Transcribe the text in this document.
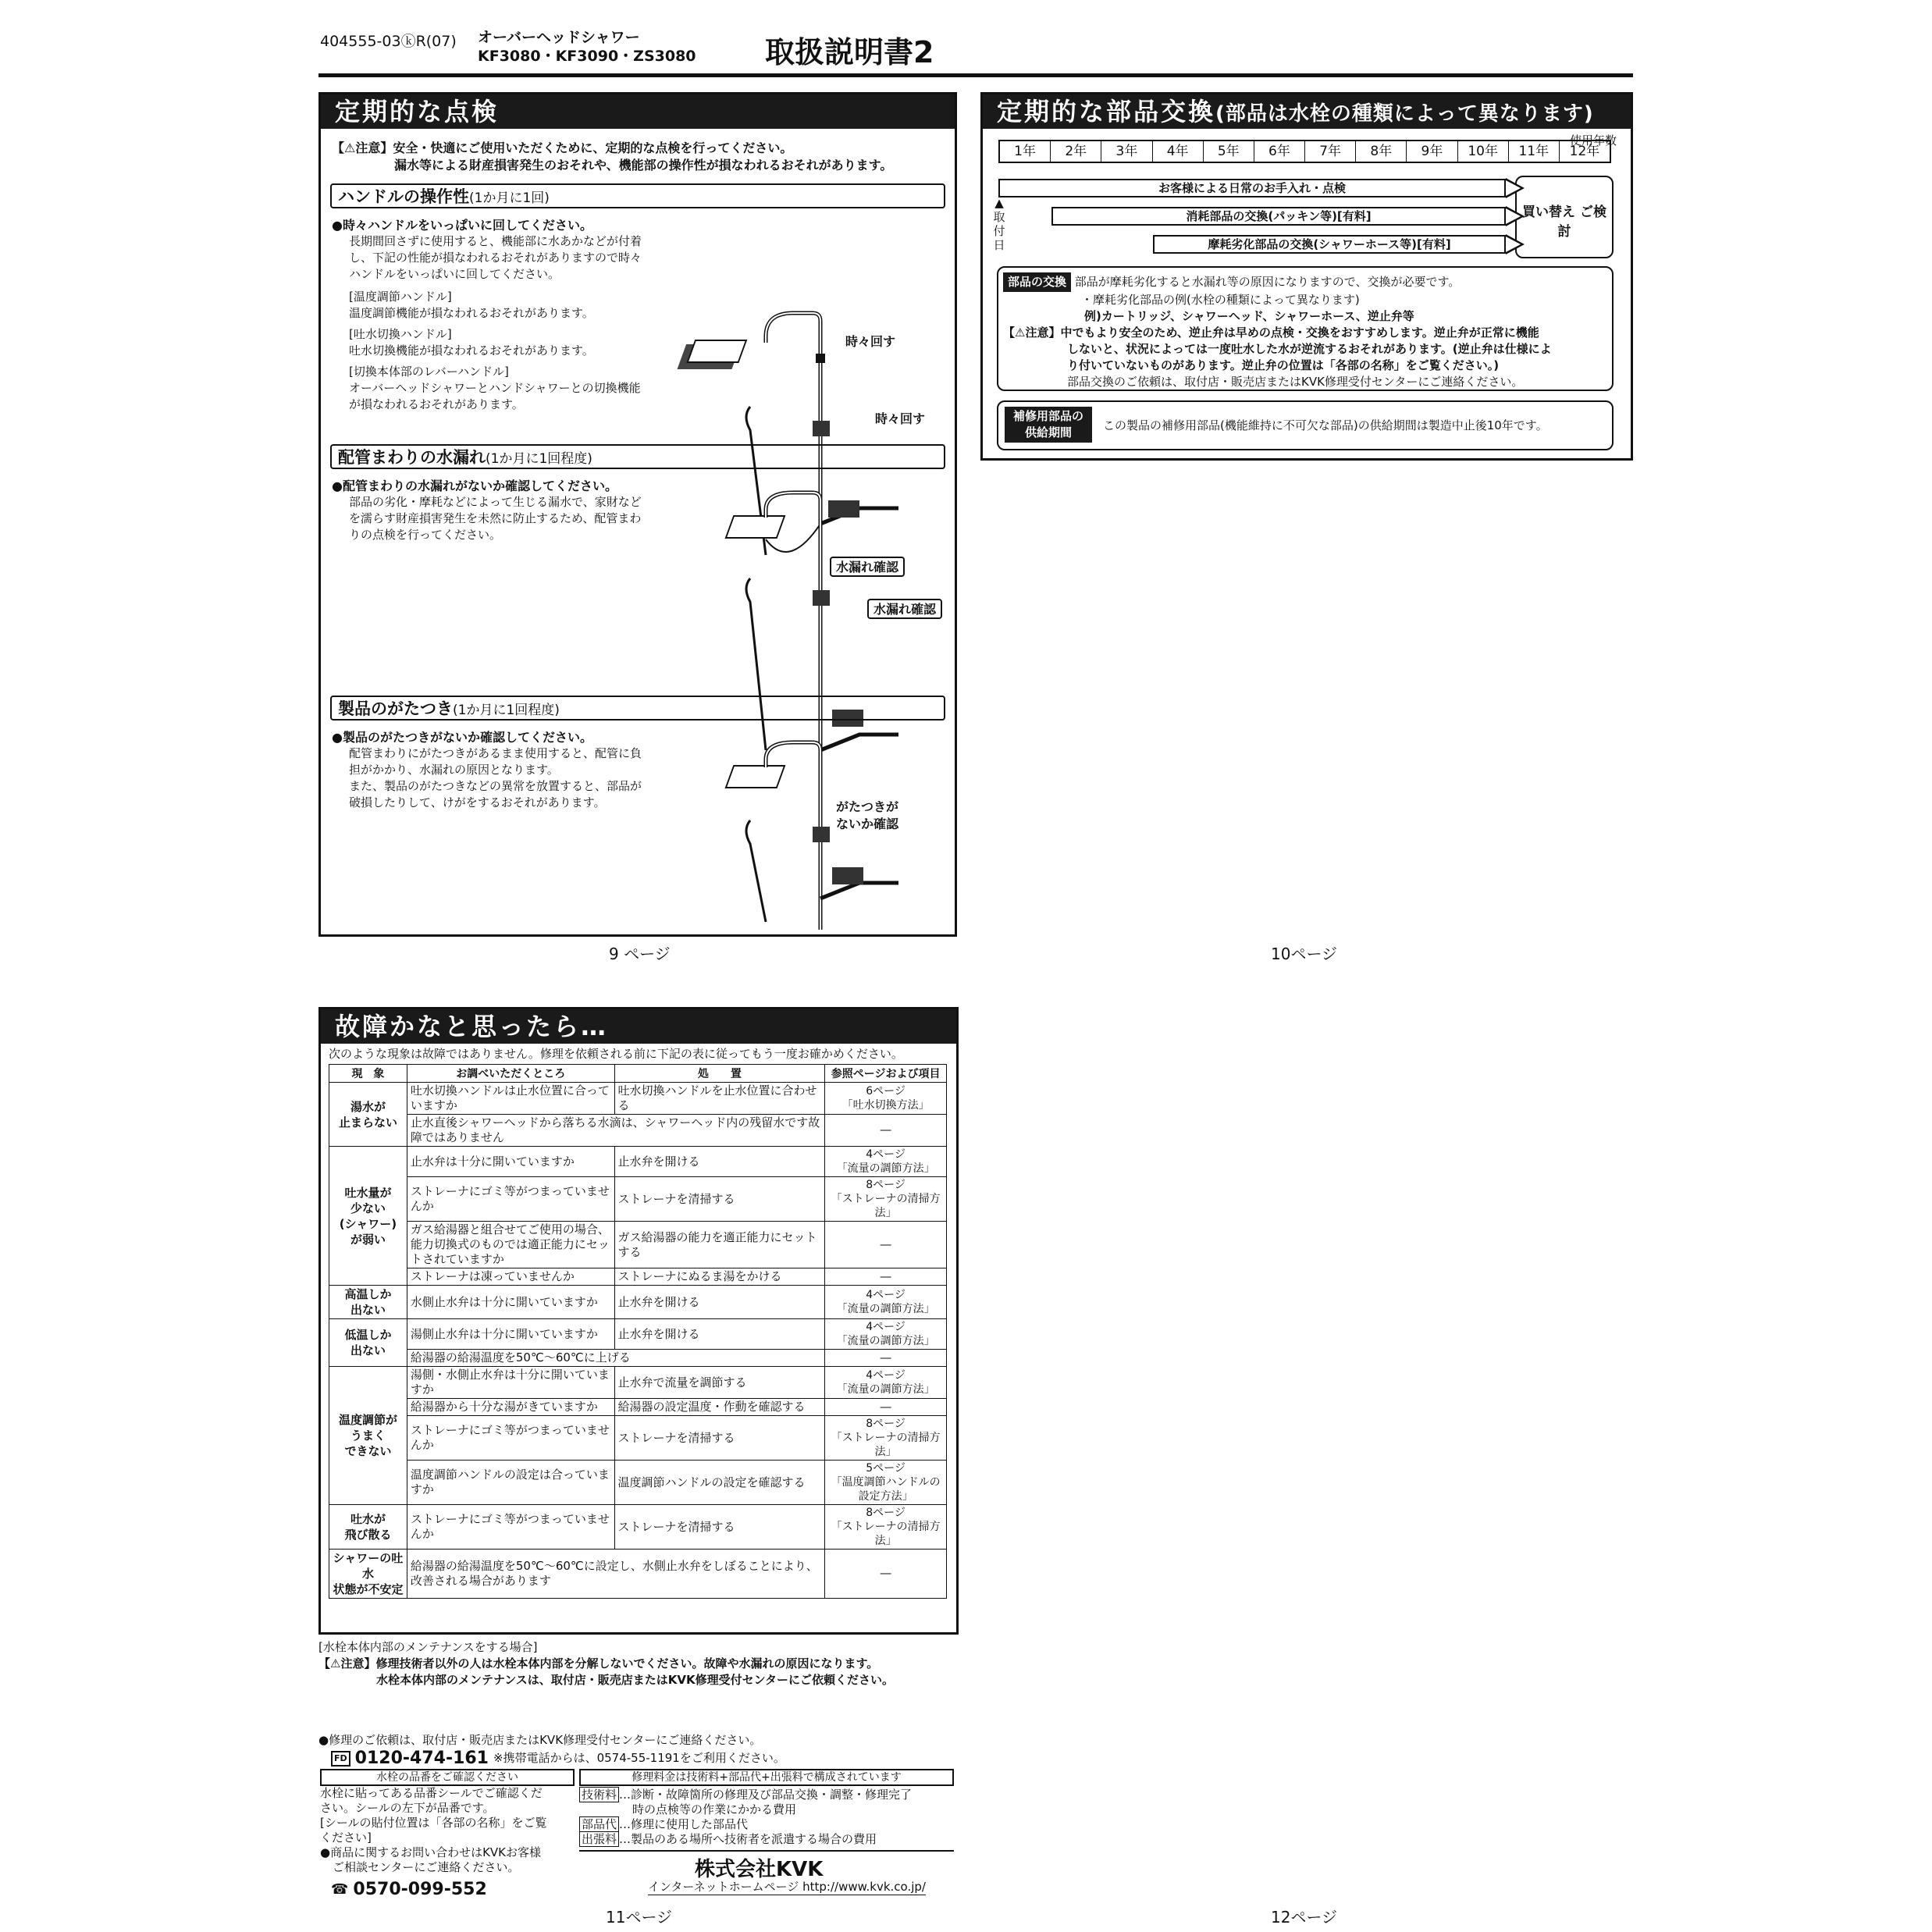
404555-03ⓚR(07) オーバーヘッドシャワー
KF3080・KF3090・ZS3080 取扱説明書2
定期的な点検
【⚠注意】安全・快適にご使用いただくために、定期的な点検を行ってください。
漏水等による財産損害発生のおそれや、機能部の操作性が損なわれるおそれがあります。
ハンドルの操作性(1か月に1回)
●時々ハンドルをいっぱいに回してください。
長期間回さずに使用すると、機能部に水あかなどが付着
し、下記の性能が損なわれるおそれがありますので時々
ハンドルをいっぱいに回してください。
[温度調節ハンドル]
温度調節機能が損なわれるおそれがあります。
[吐水切換ハンドル]
吐水切換機能が損なわれるおそれがあります。
[切換本体部のレバーハンドル]
オーバーヘッドシャワーとハンドシャワーとの切換機能
が損なわれるおそれがあります。
時々回す
時々回す
配管まわりの水漏れ(1か月に1回程度)
●配管まわりの水漏れがないか確認してください。
部品の劣化・摩耗などによって生じる漏水で、家財など
を濡らす財産損害発生を未然に防止するため、配管まわ
りの点検を行ってください。
水漏れ確認
水漏れ確認
製品のがたつき(1か月に1回程度)
●製品のがたつきがないか確認してください。
配管まわりにがたつきがあるまま使用すると、配管に負
担がかかり、水漏れの原因となります。
また、製品のがたつきなどの異常を放置すると、部品が
破損したりして、けがをするおそれがあります。	がたつきが
ないか確認
9 ページ
定期的な部品交換(部品は水栓の種類によって異なります)
使用年数
1年	2年	3年	4年	5年	6年	7年	8年	9年	10年	11年	12年
お客様による日常のお手入れ・点検
消耗部品の交換(パッキン等)[有料]
摩耗劣化部品の交換(シャワーホース等)[有料]
▲ 取 付 日
買い替え ご検討
部品の交換 部品が摩耗劣化すると水漏れ等の原因になりますので、交換が必要です。
・摩耗劣化部品の例(水栓の種類によって異なります)
例)カートリッジ、シャワーヘッド、シャワーホース、逆止弁等
【⚠注意】中でもより安全のため、逆止弁は早めの点検・交換をおすすめします。逆止弁が正常に機能
しないと、状況によっては一度吐水した水が逆流するおそれがあります。(逆止弁は仕様によ
り付いていないものがあります。逆止弁の位置は「各部の名称」をご覧ください。)
部品交換のご依頼は、取付店・販売店またはKVK修理受付センターにご連絡ください。
補修用部品の
供給期間	この製品の補修用部品(機能維持に不可欠な部品)の供給期間は製造中止後10年です。
10ページ
故障かなと思ったら…
次のような現象は故障ではありません。修理を依頼される前に下記の表に従ってもう一度お確かめください。
現　象	お調べいただくところ	処　　置	参照ページおよび項目
湯水が
止まらない	吐水切換ハンドルは止水位置に合っていますか	吐水切換ハンドルを止水位置に合わせる	6ページ
「吐水切換方法」
	止水直後シャワーヘッドから落ちる水滴は、シャワーヘッド内の残留水です故障ではありません		―
吐水量が
少ない
(シャワー)
が弱い	止水弁は十分に開いていますか	止水弁を開ける	4ページ
「流量の調節方法」
	ストレーナにゴミ等がつまっていませんか	ストレーナを清掃する	8ページ
「ストレーナの清掃方法」
	ガス給湯器と組合せてご使用の場合、能力切換式のものでは適正能力にセットされていますか	ガス給湯器の能力を適正能力にセットする	―
	ストレーナは凍っていませんか	ストレーナにぬるま湯をかける	―
高温しか
出ない	水側止水弁は十分に開いていますか	止水弁を開ける	4ページ
「流量の調節方法」
低温しか
出ない	湯側止水弁は十分に開いていますか	止水弁を開ける	4ページ
「流量の調節方法」
	給湯器の給湯温度を50℃～60℃に上げる		―
温度調節が
うまく
できない	湯側・水側止水弁は十分に開いていますか	止水弁で流量を調節する	4ページ
「流量の調節方法」
	給湯器から十分な湯がきていますか	給湯器の設定温度・作動を確認する	―
	ストレーナにゴミ等がつまっていませんか	ストレーナを清掃する	8ページ
「ストレーナの清掃方法」
	温度調節ハンドルの設定は合っていますか	温度調節ハンドルの設定を確認する	5ページ
「温度調節ハンドルの
設定方法」
吐水が
飛び散る	ストレーナにゴミ等がつまっていませんか	ストレーナを清掃する	8ページ
「ストレーナの清掃方法」
シャワーの吐水
状態が不安定	給湯器の給湯温度を50℃～60℃に設定し、水側止水弁をしぼることにより、改善される場合があります		―
[水栓本体内部のメンテナンスをする場合]
【⚠注意】修理技術者以外の人は水栓本体内部を分解しないでください。故障や水漏れの原因になります。
水栓本体内部のメンテナンスは、取付店・販売店またはKVK修理受付センターにご依頼ください。
●修理のご依頼は、取付店・販売店またはKVK修理受付センターにご連絡ください。
FD 0120-474-161 ※携帯電話からは、0574-55-1191をご利用ください。
水栓の品番をご確認ください
水栓に貼ってある品番シールでご確認くだ
さい。シールの左下が品番です。
[シールの貼付位置は「各部の名称」をご覧
ください]
●商品に関するお問い合わせはKVKお客様
ご相談センターにご連絡ください。
☎ 0570-099-552
修理料金は技術料+部品代+出張料で構成されています
技術料 …診断・故障箇所の修理及び部品交換・調整・修理完了
時の点検等の作業にかかる費用
部品代 …修理に使用した部品代
出張料 …製品のある場所へ技術者を派遣する場合の費用
株式会社KVK
インターネットホームページ http://www.kvk.co.jp/
11ページ	12ページ
